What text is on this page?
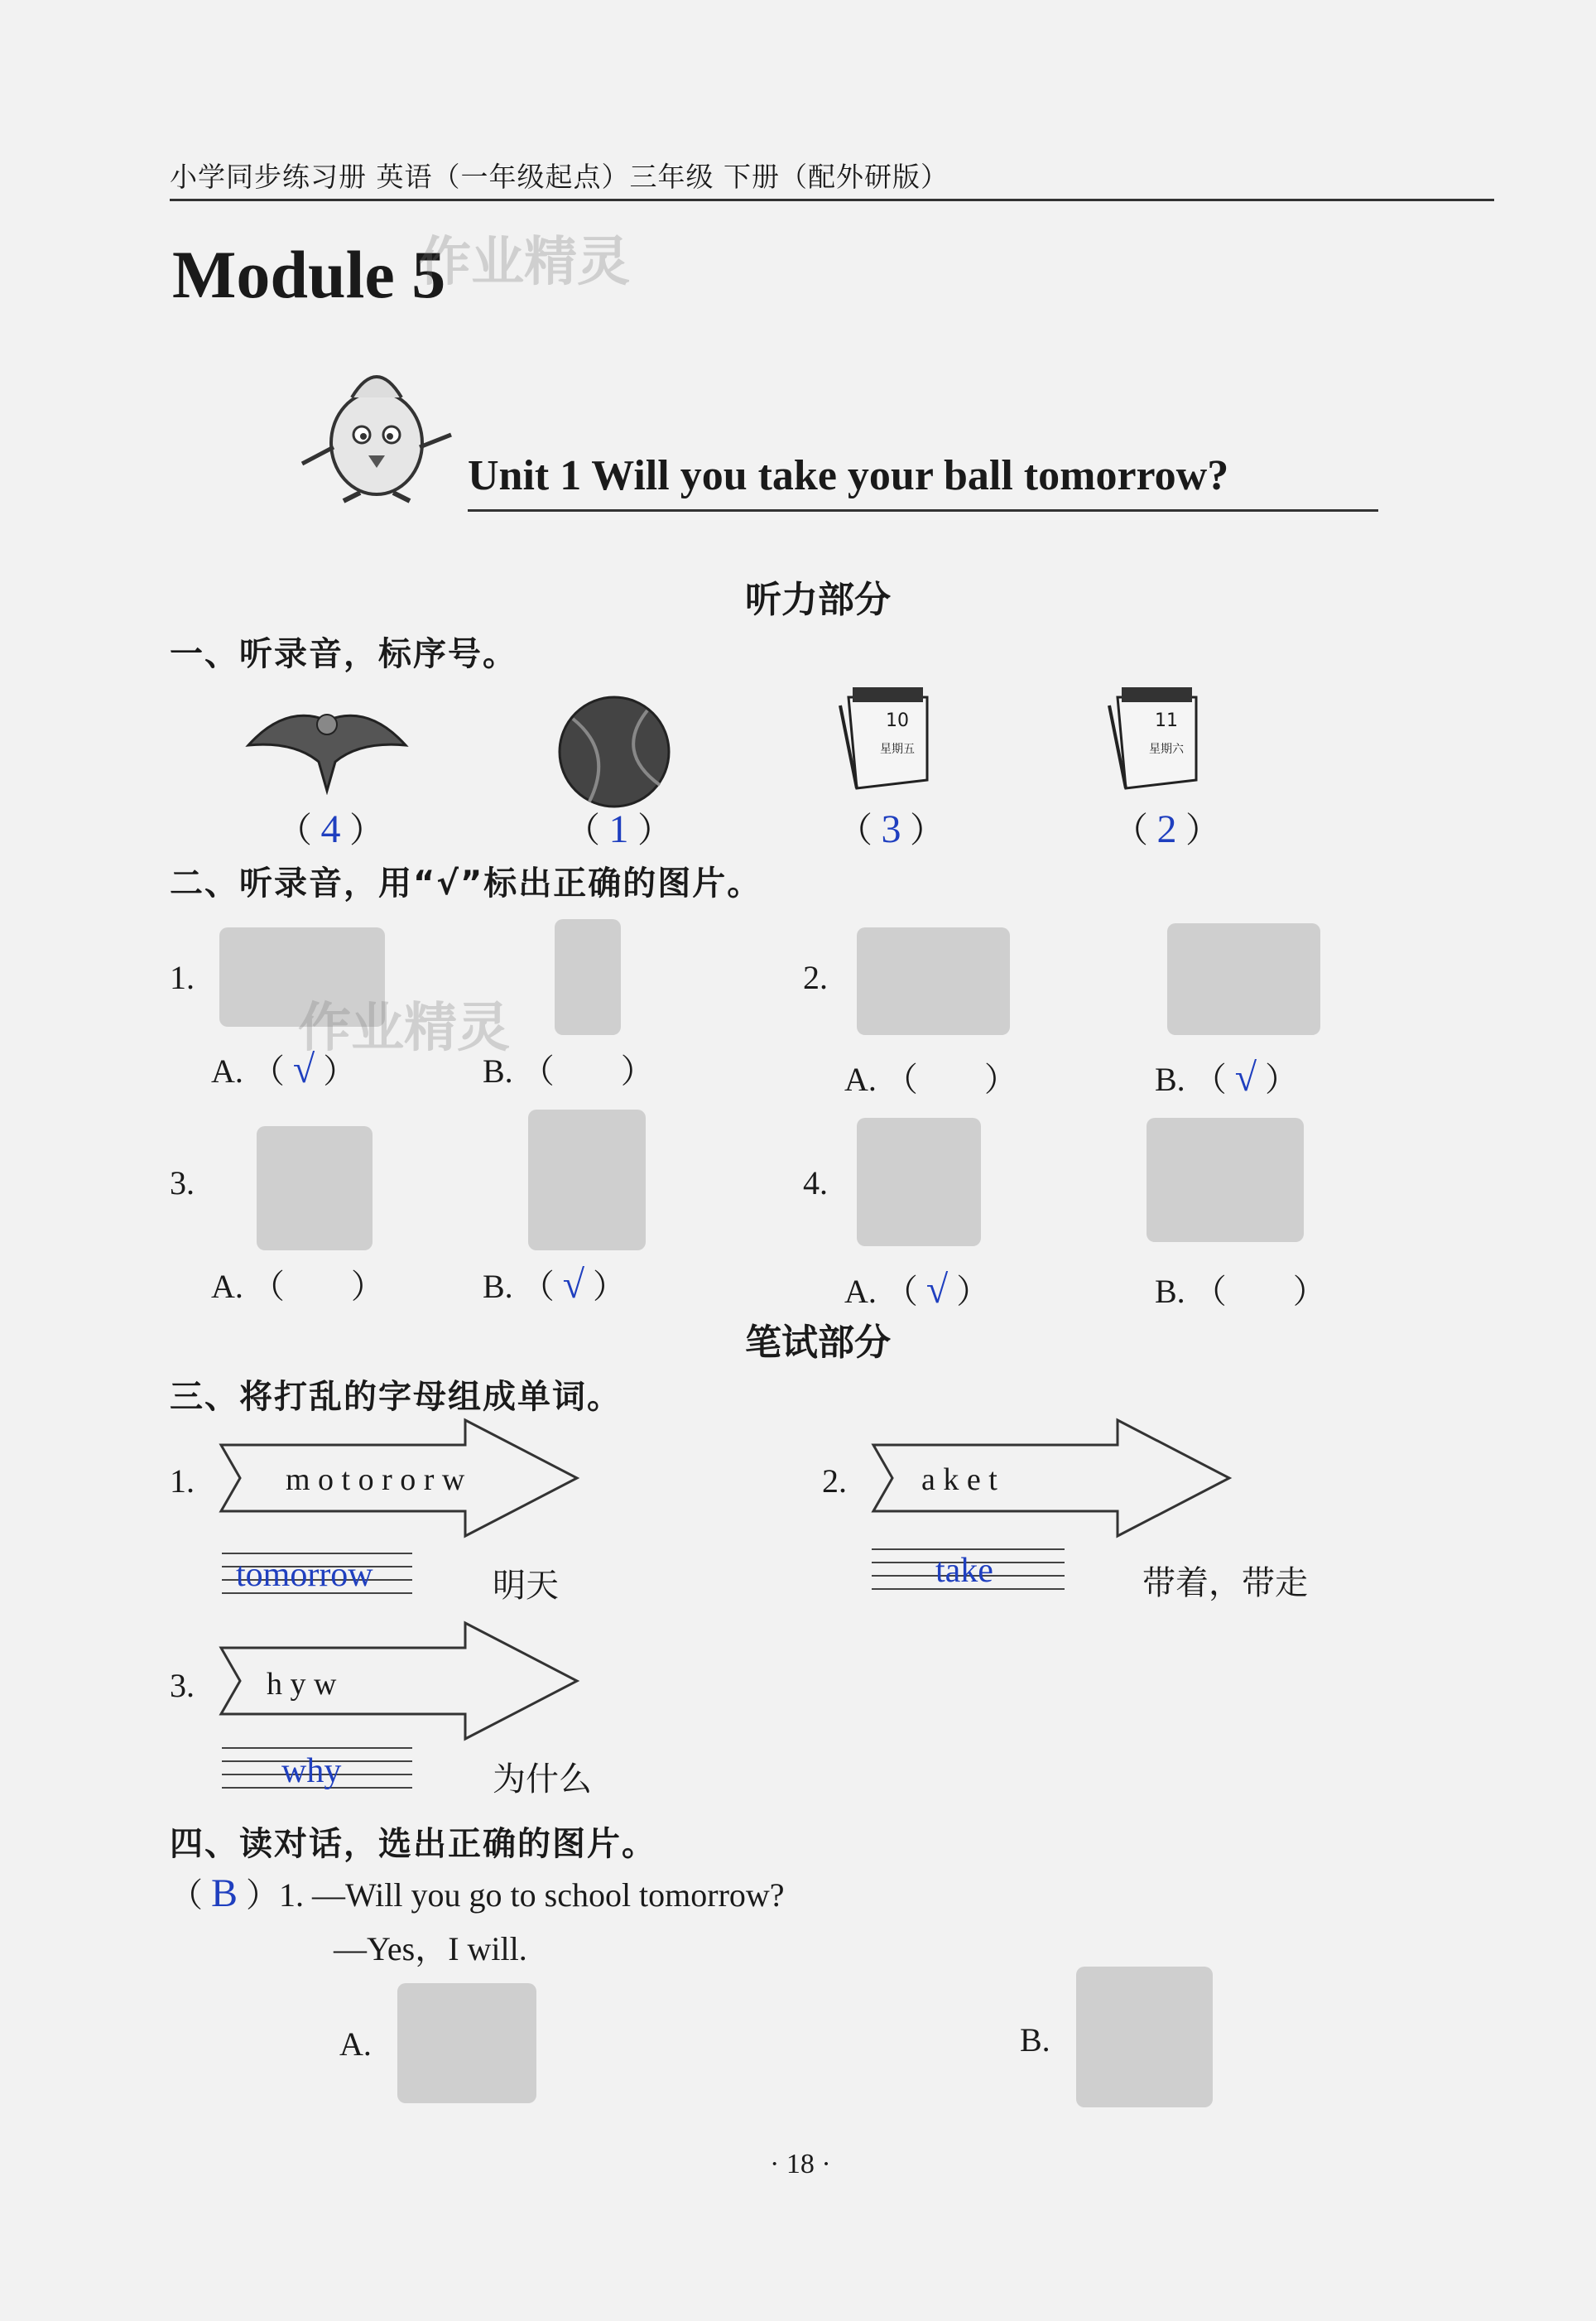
小学同步练习册 英语（一年级起点）三年级 下册（配外研版）
Module 5
作业精灵
Unit 1 Will you take your ball tomorrow?
听力部分
一、听录音，标序号。
10
星期五
11
星期六
（ 4 ）	（ 1 ）	（ 3 ）	（ 2 ）
二、听录音，用“√”标出正确的图片。
1.
作业精灵
A. （ √ ）	B. （  ）
2.
A. （  ）	B. （ √ ）
3.
A. （  ）	B. （ √ ）
4.
A. （ √ ）	B. （  ）
笔试部分
三、将打乱的字母组成单词。
1.	m o t o r o r w
tomorrow	明天
2. a k e t
take	带着，带走
3. h y w
why	为什么
四、读对话，选出正确的图片。
（ B ）1. —Will you go to school tomorrow?
—Yes，I will.
A.	B.
· 18 ·
